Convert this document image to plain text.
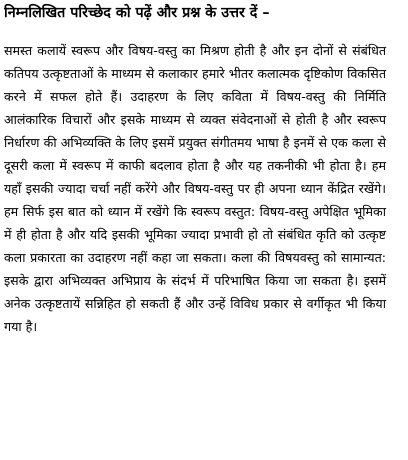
निम्नलिखित परिच्छेद को पढ़ें और प्रश्न के उत्तर दें –

समस्त कलायें स्वरूप और विषय-वस्तु का मिश्रण होती है और इन दोनों से संबंधित कतिपय उत्कृष्टताओं के माध्यम से कलाकार हमारे भीतर कलात्मक दृष्टिकोण विकसित करने में सफल होते हैं। उदाहरण के लिए कविता में विषय-वस्तु की निर्मिति आलंकारिक विचारों और इसके माध्यम से व्यक्त संवेदनाओं से होती है और स्वरूप निर्धारण की अभिव्यक्ति के लिए इसमें प्रयुक्त संगीतमय भाषा है इनमें से एक कला से दूसरी कला में स्वरूप में काफी बदलाव होता है और यह तकनीकी भी होता है। हम यहाँ इसकी ज्यादा चर्चा नहीं करेंगे और विषय-वस्तु पर ही अपना ध्यान केंद्रित रखेंगे। हम सिर्फ इस बात को ध्यान में रखेंगे कि स्वरूप वस्तुत: विषय-वस्तु अपेक्षित भूमिका में ही होता है और यदि इसकी भूमिका ज्यादा प्रभावी हो तो संबंधित कृति को उत्कृष्ट कला प्रकारता का उदाहरण नहीं कहा जा सकता। कला की विषयवस्तु को सामान्यत: इसके द्वारा अभिव्यक्त अभिप्राय के संदर्भ में परिभाषित किया जा सकता है। इसमें अनेक उत्कृष्टतायें सन्निहित हो सकती हैं और उन्हें विविध प्रकार से वर्गीकृत भी किया गया है।
